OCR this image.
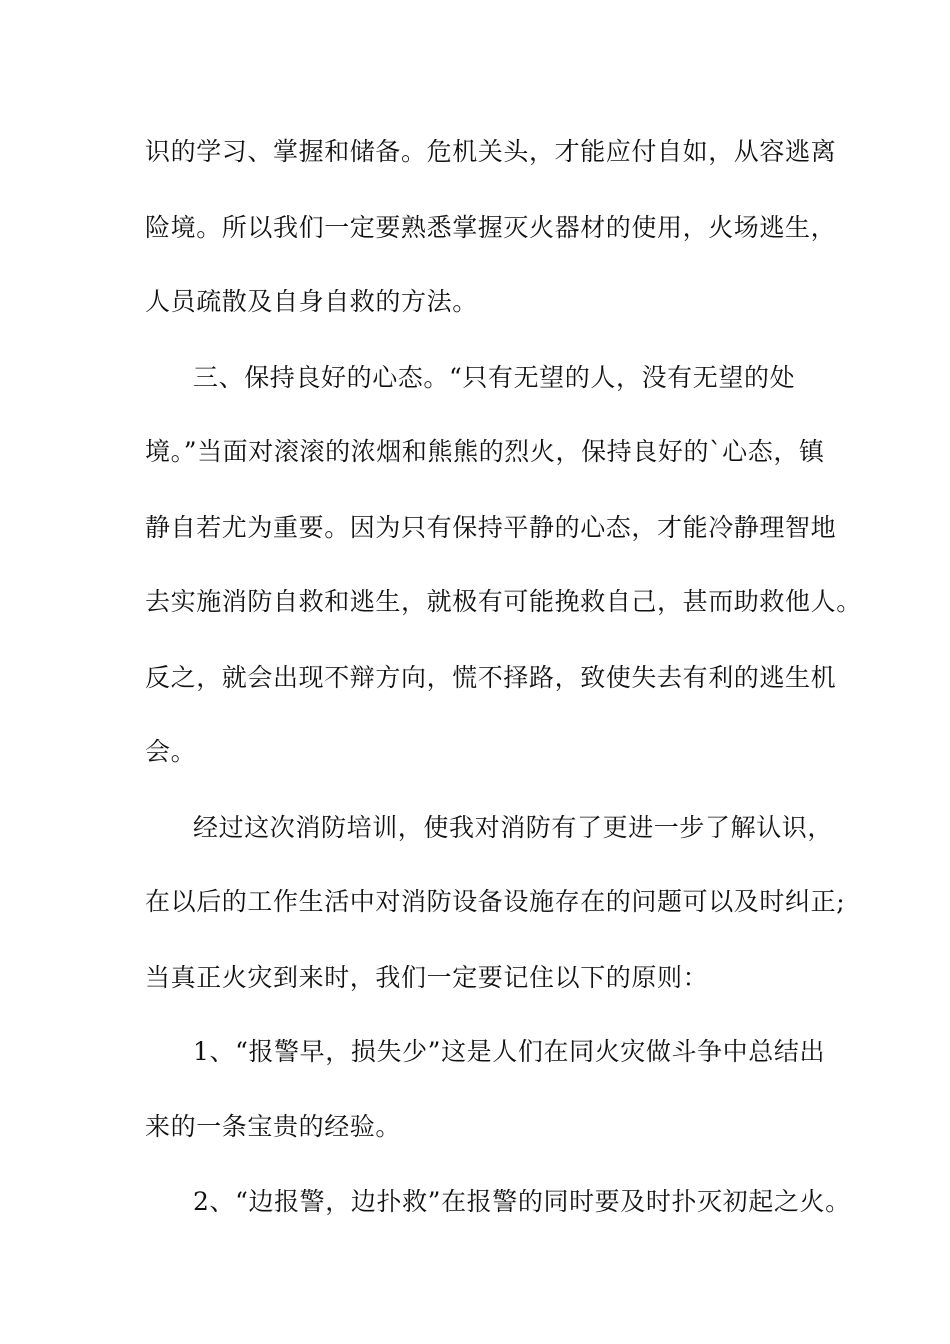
识的学习、掌握和储备。危机关头，才能应付自如，从容逃离
险境。所以我们一定要熟悉掌握灭火器材的使用，火场逃生，
人员疏散及自身自救的方法。
三、保持良好的心态。“只有无望的人，没有无望的处
境。”当面对滚滚的浓烟和熊熊的烈火，保持良好的`心态，镇
静自若尤为重要。因为只有保持平静的心态，才能冷静理智地
去实施消防自救和逃生，就极有可能挽救自己，甚而助救他人。
反之，就会出现不辩方向，慌不择路，致使失去有利的逃生机
会。
经过这次消防培训，使我对消防有了更进一步了解认识，
在以后的工作生活中对消防设备设施存在的问题可以及时纠正;
当真正火灾到来时，我们一定要记住以下的原则：
1、“报警早，损失少”这是人们在同火灾做斗争中总结出
来的一条宝贵的经验。
2、“边报警，边扑救”在报警的同时要及时扑灭初起之火。
